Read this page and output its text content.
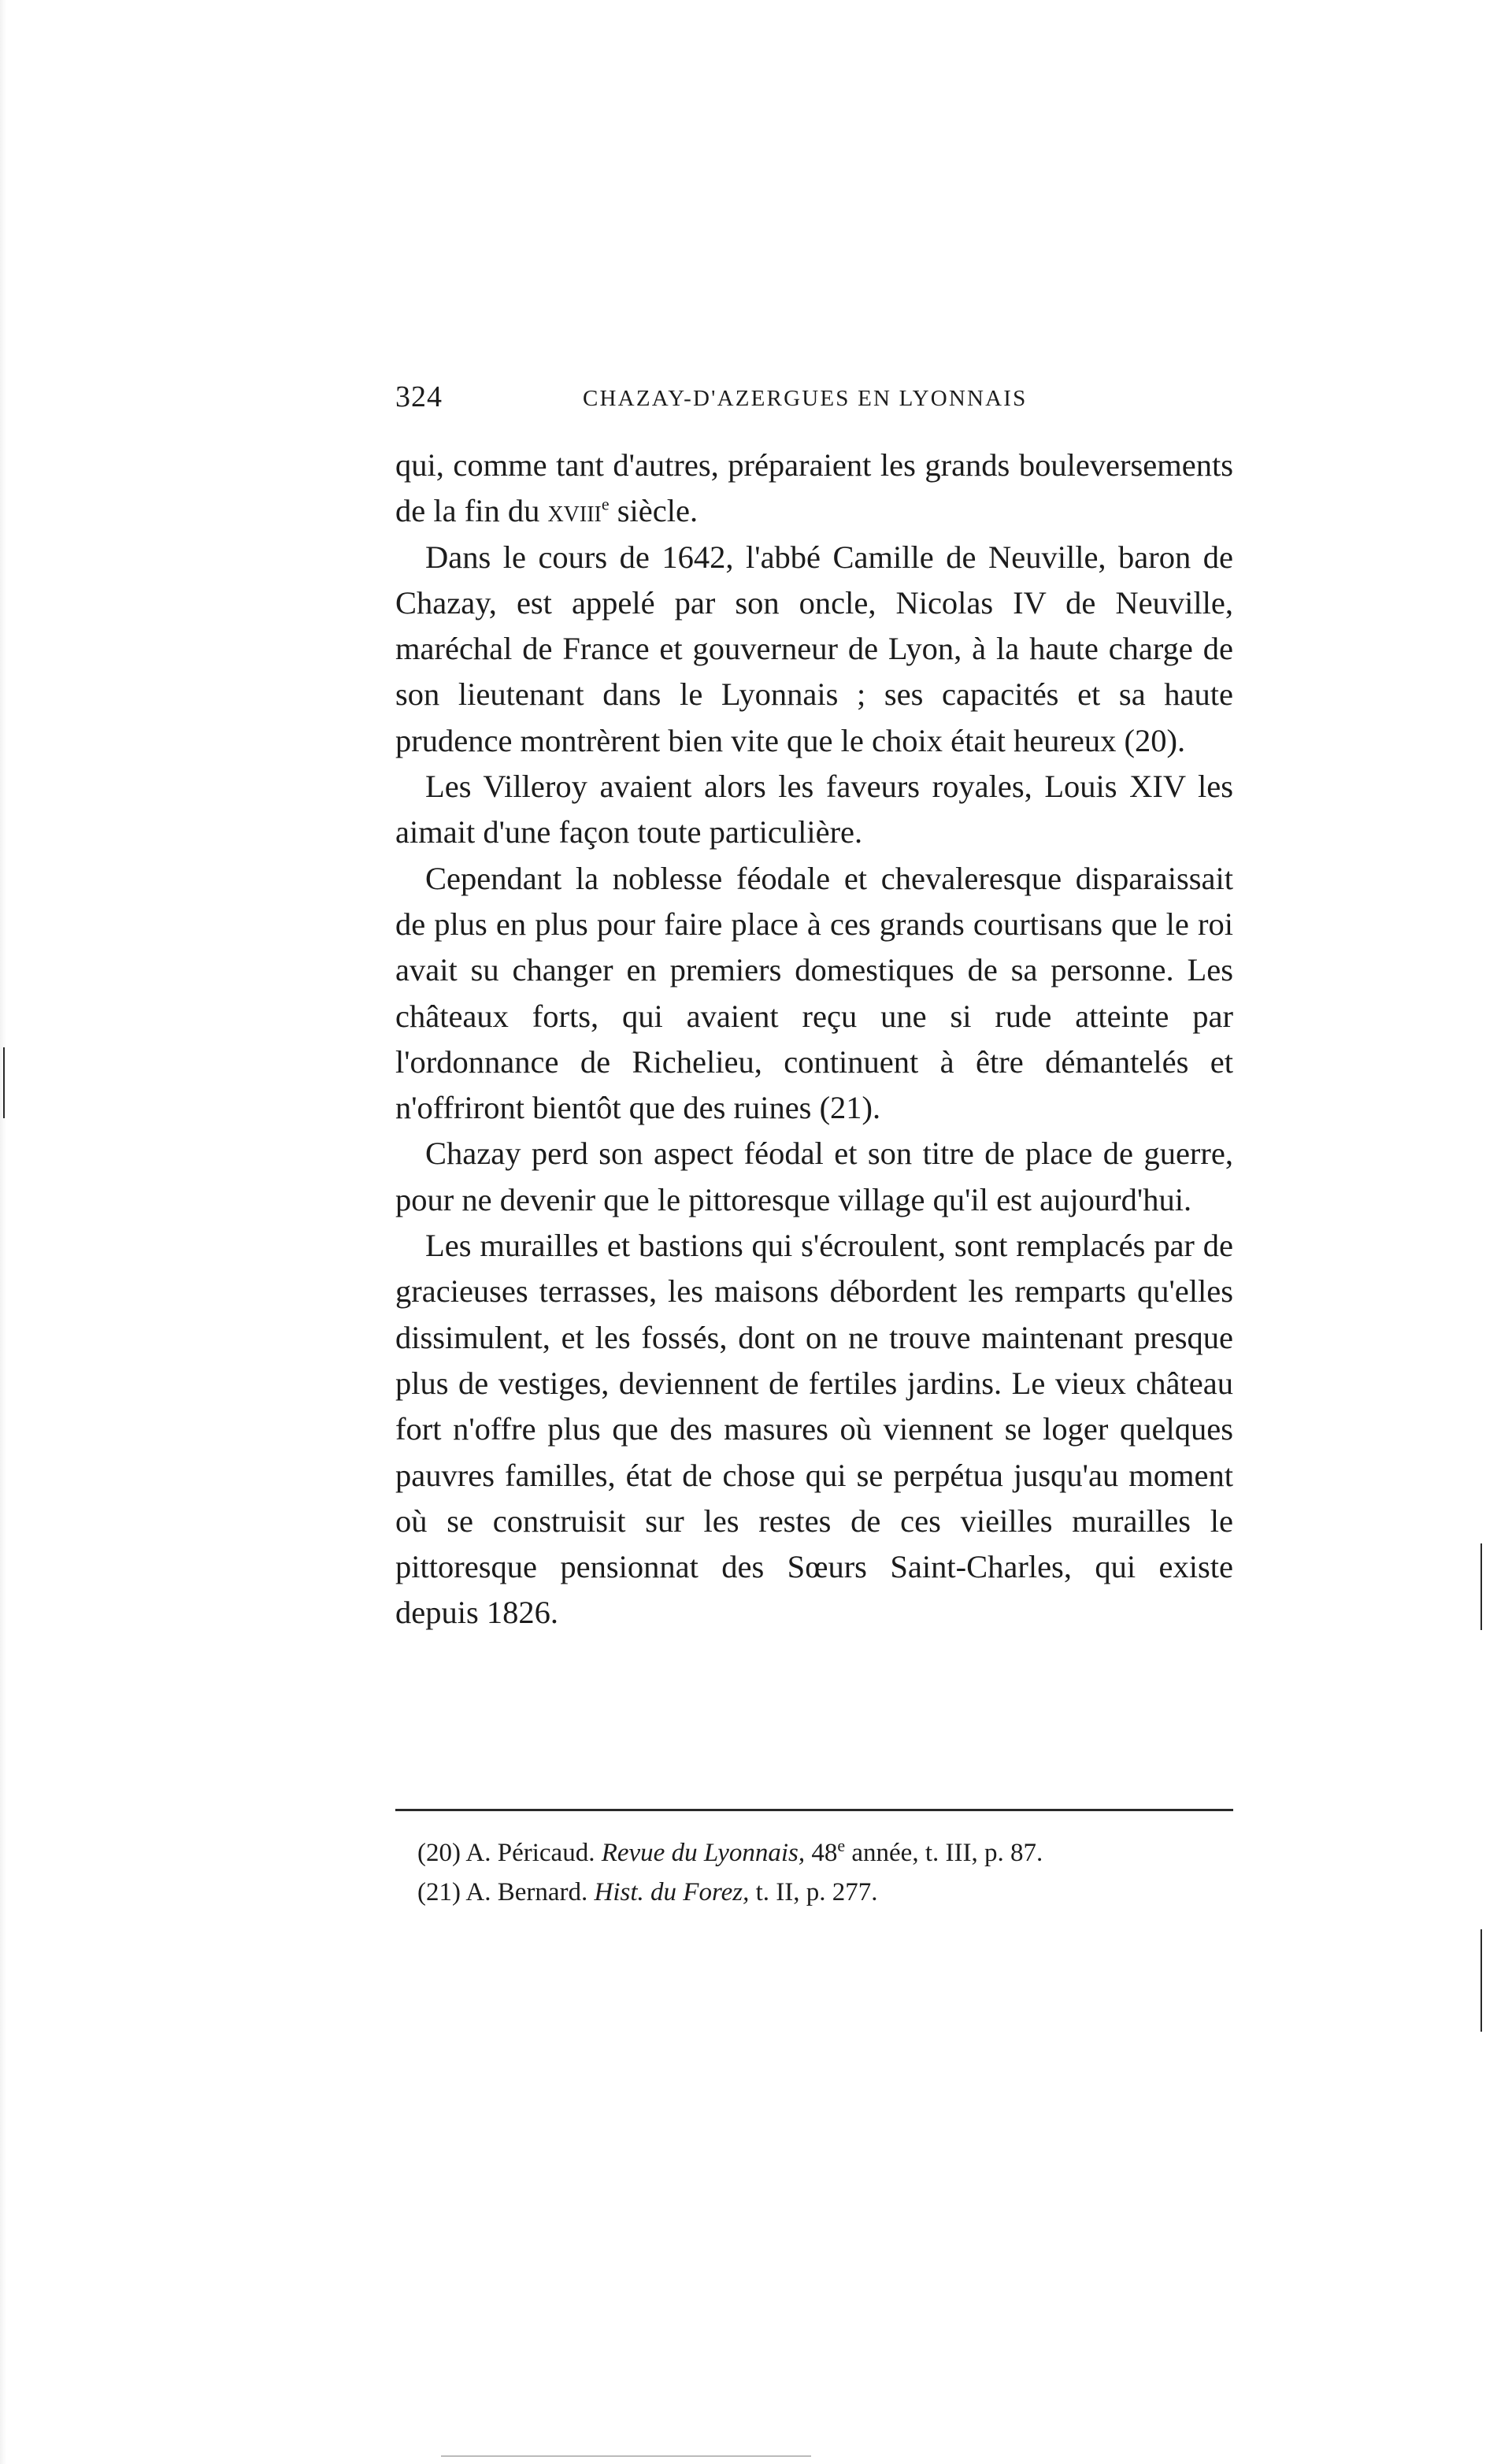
324	CHAZAY-D'AZERGUES EN LYONNAIS

qui, comme tant d'autres, préparaient les grands bouleversements de la fin du xviii$^e$ siècle.

Dans le cours de 1642, l'abbé Camille de Neuville, baron de Chazay, est appelé par son oncle, Nicolas IV de Neuville, maréchal de France et gouverneur de Lyon, à la haute charge de son lieutenant dans le Lyonnais ; ses capacités et sa haute prudence montrèrent bien vite que le choix était heureux (20).

Les Villeroy avaient alors les faveurs royales, Louis XIV les aimait d'une façon toute particulière.

Cependant la noblesse féodale et chevaleresque disparaissait de plus en plus pour faire place à ces grands courtisans que le roi avait su changer en premiers domestiques de sa personne. Les châteaux forts, qui avaient reçu une si rude atteinte par l'ordonnance de Richelieu, continuent à être démantelés et n'offriront bientôt que des ruines (21).

Chazay perd son aspect féodal et son titre de place de guerre, pour ne devenir que le pittoresque village qu'il est aujourd'hui.

Les murailles et bastions qui s'écroulent, sont remplacés par de gracieuses terrasses, les maisons débordent les remparts qu'elles dissimulent, et les fossés, dont on ne trouve maintenant presque plus de vestiges, deviennent de fertiles jardins. Le vieux château fort n'offre plus que des masures où viennent se loger quelques pauvres familles, état de chose qui se perpétua jusqu'au moment où se construisit sur les restes de ces vieilles murailles le pittoresque pensionnat des Sœurs Saint-Charles, qui existe depuis 1826.

(20) A. Péricaud. Revue du Lyonnais, 48e année, t. III, p. 87.
(21) A. Bernard. Hist. du Forez, t. II, p. 277.
